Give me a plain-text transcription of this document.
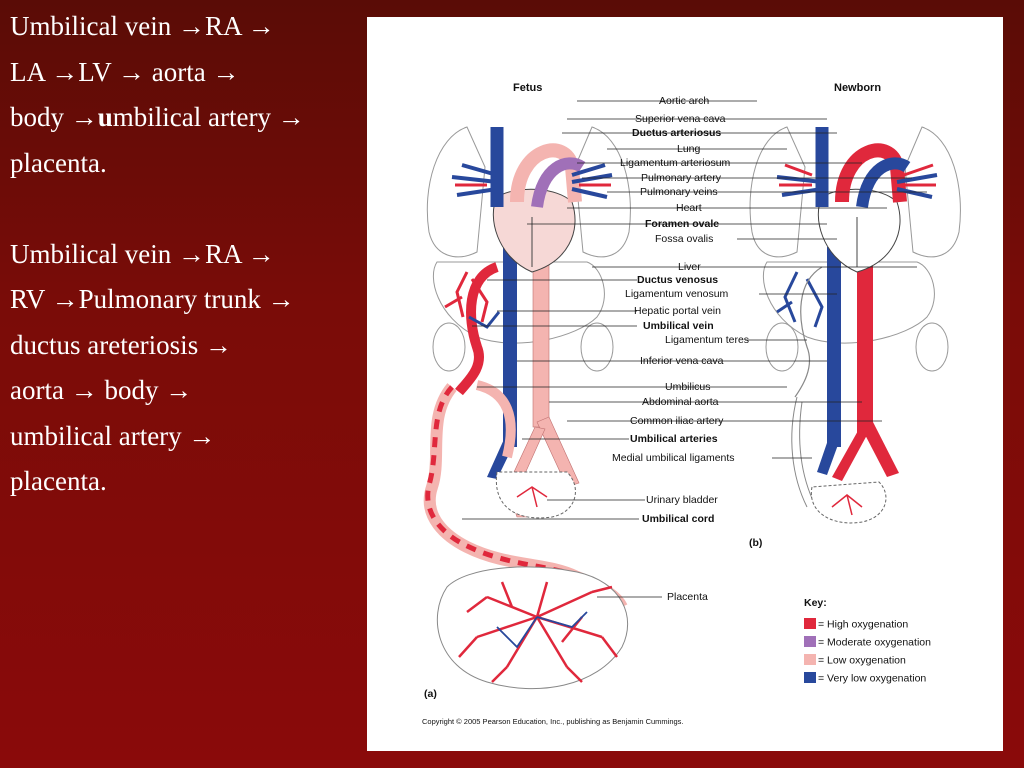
Umbilical vein →RA →
LA →LV → aorta →
body →umbilical artery →
placenta.
Umbilical vein →RA →
RV →Pulmonary trunk →
ductus areteriosis →
aorta → body →
umbilical artery →
placenta.
Fetus	Newborn
Placenta
(b)
(a)
Key:
= High oxygenation
= Moderate oxygenation
= Low oxygenation
= Very low oxygenation
Copyright © 2005 Pearson Education, Inc., publishing as Benjamin Cummings.
Aortic arch
Superior vena cava
Ductus arteriosus
Lung
Ligamentum arteriosum
Pulmonary artery
Pulmonary veins
Heart
Foramen ovale
Fossa ovalis
Liver
Ductus venosus
Ligamentum venosum
Hepatic portal vein
Umbilical vein
Ligamentum teres
Inferior vena cava
Umbilicus
Abdominal aorta
Common iliac artery
Umbilical arteries
Medial umbilical ligaments
Urinary bladder
Umbilical cord
